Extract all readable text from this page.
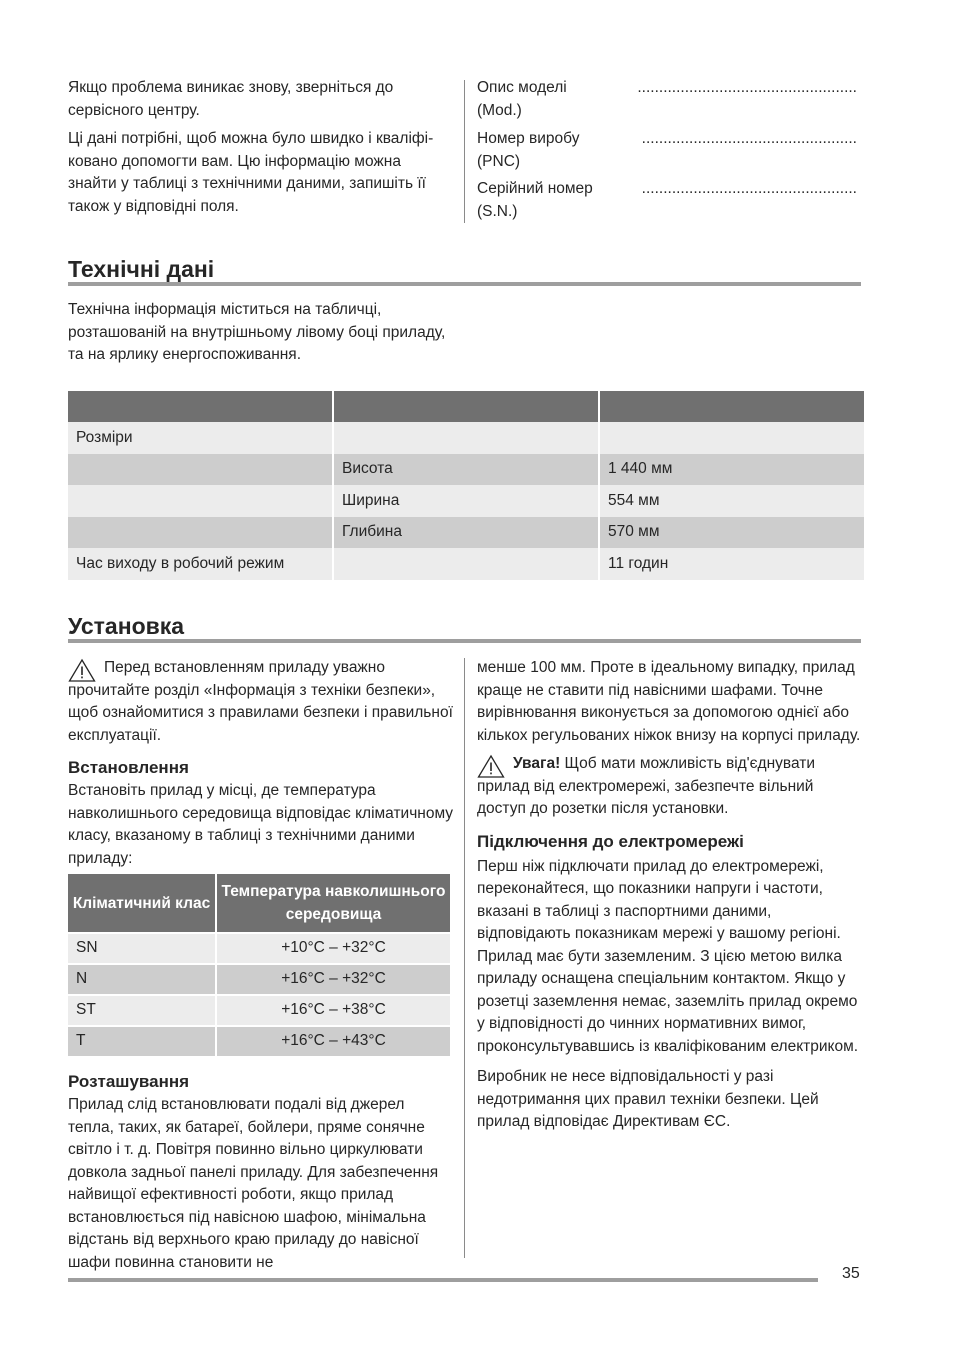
Якщо проблема виникає знову, зверніться до сервісного центру.

Ці дані потрібні, щоб можна було швидко і кваліфіковано допомогти вам. Цю інформацію можна знайти у таблиці з технічними даними, запишіть її також у відповідні поля.

Опис моделі
(Mod.)
...................................................
Номер виробу
(PNC)
..................................................
Серійний номер
(S.N.)
..................................................
Технічні дані

Технічна інформація міститься на табличці, розташованій на внутрішньому лівому боці приладу, та на ярлику енергоспоживання.

Розміри		
	Висота	1 440 мм
	Ширина	554 мм
	Глибина	570 мм
Час виходу в робочий режим		11 годин
Установка

Перед встановленням приладу уважно прочитайте розділ «Інформація з техніки безпеки», щоб ознайомитися з правилами безпеки і правильної експлуатації.

Встановлення

Встановіть прилад у місці, де температура навколишнього середовища відповідає кліматичному класу, вказаному в таблиці з технічними даними приладу:

Кліматичний клас	Температура навколишнього середовища
SN	+10°C – +32°C
N	+16°C – +32°C
ST	+16°C – +38°C
T	+16°C – +43°C
Розташування

Прилад слід встановлювати подалі від джерел тепла, таких, як батареї, бойлери, пряме сонячне світло і т. д. Повітря повинно вільно циркулювати довкола задньої панелі приладу. Для забезпечення найвищої ефективності роботи, якщо прилад встановлюється під навісною шафою, мінімальна відстань від верхнього краю приладу до навісної шафи повинна становити не

менше 100 мм. Проте в ідеальному випадку, прилад краще не ставити під навісними шафами. Точне вирівнювання виконується за допомогою однієї або кількох регульованих ніжок внизу на корпусі приладу.

Увага! Щоб мати можливість від'єднувати прилад від електромережі, забезпечте вільний доступ до розетки після установки.

Підключення до електромережі

Перш ніж підключати прилад до електромережі, переконайтеся, що показники напруги і частоти, вказані в таблиці з паспортними даними, відповідають показникам мережі у вашому регіоні. Прилад має бути заземленим. З цією метою вилка приладу оснащена спеціальним контактом. Якщо у розетці заземлення немає, заземліть прилад окремо у відповідності до чинних нормативних вимог, проконсультувавшись із кваліфікованим електриком.

Виробник не несе відповідальності у разі недотримання цих правил техніки безпеки. Цей прилад відповідає Директивам ЄС.

35
